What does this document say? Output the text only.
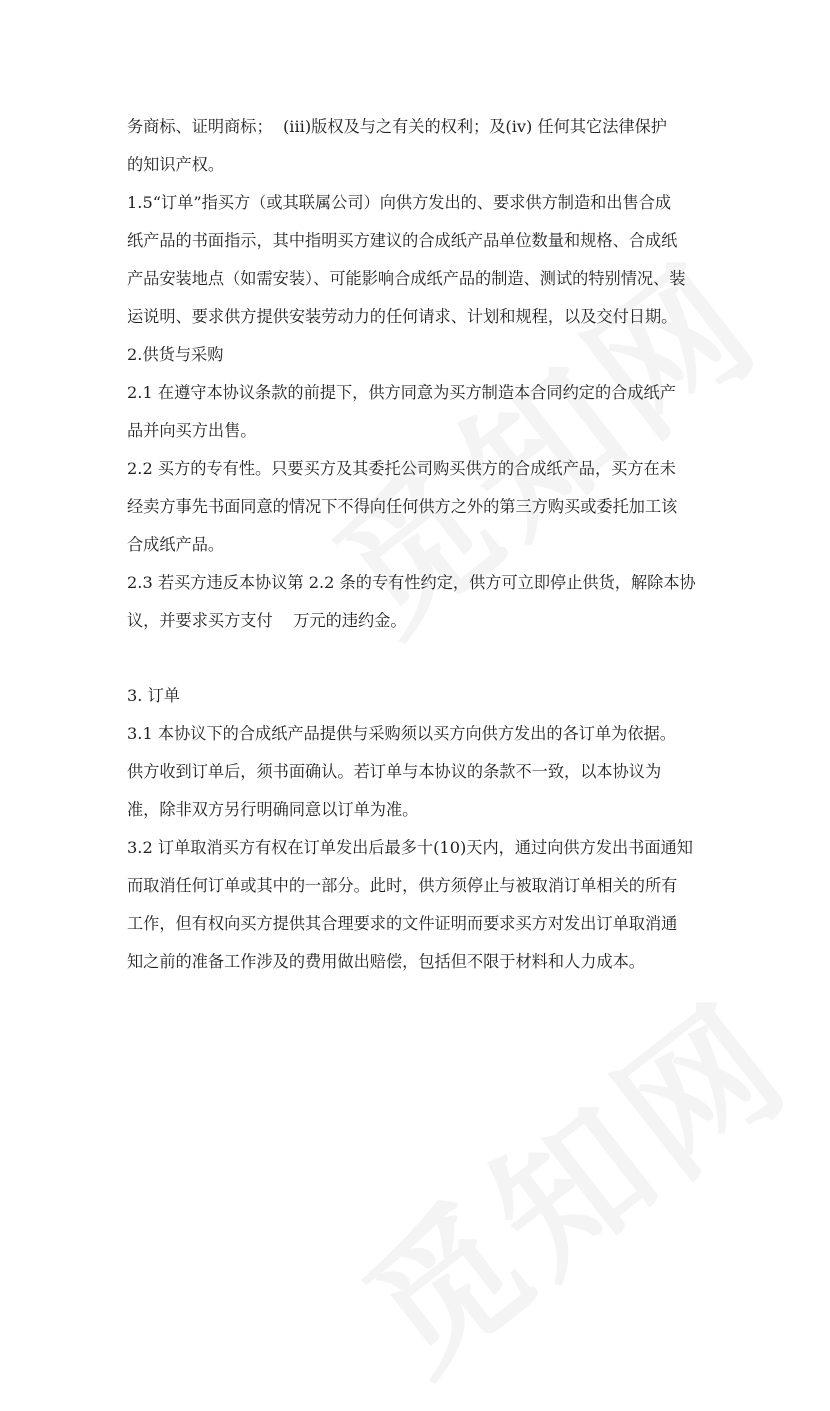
务商标、证明商标；  (iii)版权及与之有关的权利；及(iv) 任何其它法律保护
的知识产权。
1.5“订单”指买方（或其联属公司）向供方发出的、要求供方制造和出售合成
纸产品的书面指示，其中指明买方建议的合成纸产品单位数量和规格、合成纸
产品安装地点（如需安装）、可能影响合成纸产品的制造、测试的特别情况、装
运说明、要求供方提供安装劳动力的任何请求、计划和规程，以及交付日期。
2.供货与采购
2.1 在遵守本协议条款的前提下，供方同意为买方制造本合同约定的合成纸产
品并向买方出售。
2.2 买方的专有性。只要买方及其委托公司购买供方的合成纸产品，买方在未
经卖方事先书面同意的情况下不得向任何供方之外的第三方购买或委托加工该
合成纸产品。
2.3 若买方违反本协议第 2.2 条的专有性约定，供方可立即停止供货，解除本协
议，并要求买方支付    万元的违约金。
3. 订单
3.1 本协议下的合成纸产品提供与采购须以买方向供方发出的各订单为依据。
供方收到订单后，须书面确认。若订单与本协议的条款不一致，以本协议为
准，除非双方另行明确同意以订单为准。
3.2 订单取消买方有权在订单发出后最多十(10)天内，通过向供方发出书面通知
而取消任何订单或其中的一部分。此时，供方须停止与被取消订单相关的所有
工作，但有权向买方提供其合理要求的文件证明而要求买方对发出订单取消通
知之前的准备工作涉及的费用做出赔偿，包括但不限于材料和人力成本。
